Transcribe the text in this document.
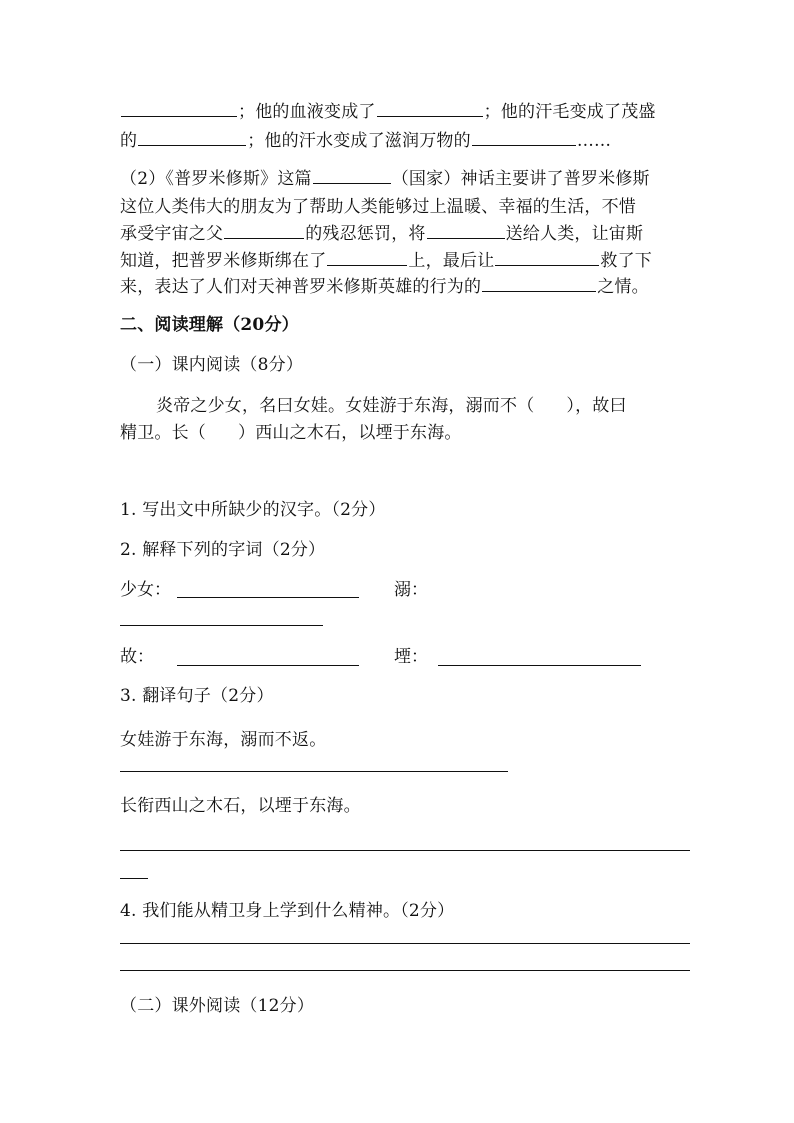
；他的血液变成了	；他的汗毛变成了茂盛
的	；他的汗水变成了滋润万物的	……
（2）《普罗米修斯》这篇	（国家）神话主要讲了普罗米修斯
这位人类伟大的朋友为了帮助人类能够过上温暖、幸福的生活，不惜
承受宇宙之父	的残忍惩罚，将	送给人类，让宙斯
知道，把普罗米修斯绑在了	上，最后让	救了下
来，表达了人们对天神普罗米修斯英雄的行为的	之情。
二、阅读理解（20分）
（一）课内阅读（8分）
炎帝之少女，名曰女娃。女娃游于东海，溺而不（ ），故曰
精卫。长（ ）西山之木石，以堙于东海。
1. 写出文中所缺少的汉字。（2分）
2. 解释下列的字词（2分）
少女：	溺：
故：	堙：
3. 翻译句子（2分）
女娃游于东海，溺而不返。
长衔西山之木石，以堙于东海。
4. 我们能从精卫身上学到什么精神。（2分）
（二）课外阅读（12分）
